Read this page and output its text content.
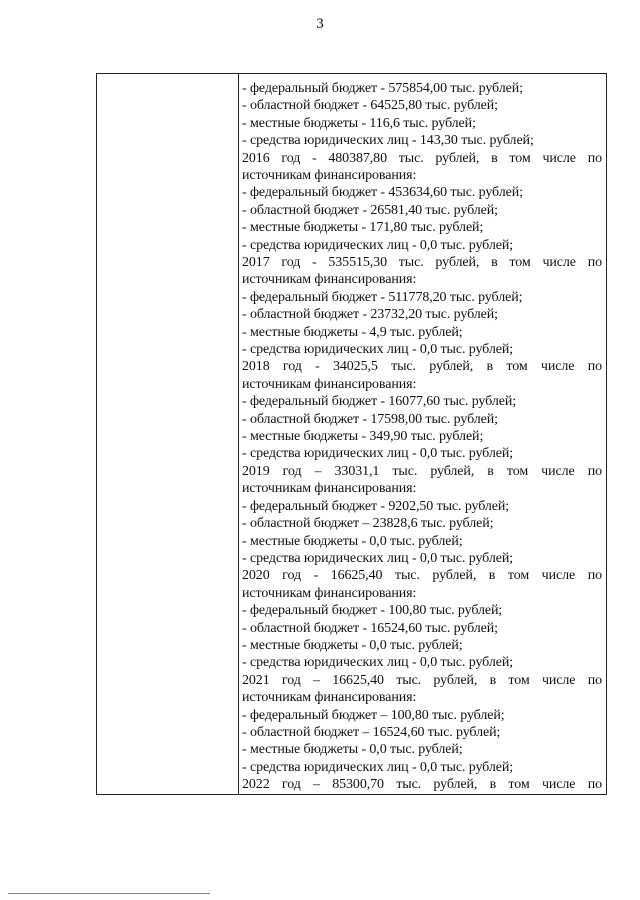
3
- федеральный бюджет - 575854,00 тыс. рублей;
- областной бюджет - 64525,80 тыс. рублей;
- местные бюджеты - 116,6 тыс. рублей;
- средства юридических лиц - 143,30 тыс. рублей;
2016 год - 480387,80 тыс. рублей, в том числе по
источникам финансирования:
- федеральный бюджет - 453634,60 тыс. рублей;
- областной бюджет - 26581,40 тыс. рублей;
- местные бюджеты - 171,80 тыс. рублей;
- средства юридических лиц - 0,0 тыс. рублей;
2017 год - 535515,30 тыс. рублей, в том числе по
источникам финансирования:
- федеральный бюджет - 511778,20 тыс. рублей;
- областной бюджет - 23732,20 тыс. рублей;
- местные бюджеты - 4,9 тыс. рублей;
- средства юридических лиц - 0,0 тыс. рублей;
2018 год - 34025,5 тыс. рублей, в том числе по
источникам финансирования:
- федеральный бюджет - 16077,60 тыс. рублей;
- областной бюджет - 17598,00 тыс. рублей;
- местные бюджеты - 349,90 тыс. рублей;
- средства юридических лиц - 0,0 тыс. рублей;
2019 год – 33031,1 тыс. рублей, в том числе по
источникам финансирования:
- федеральный бюджет - 9202,50 тыс. рублей;
- областной бюджет – 23828,6 тыс. рублей;
- местные бюджеты - 0,0 тыс. рублей;
- средства юридических лиц - 0,0 тыс. рублей;
2020 год - 16625,40 тыс. рублей, в том числе по
источникам финансирования:
- федеральный бюджет - 100,80 тыс. рублей;
- областной бюджет - 16524,60 тыс. рублей;
- местные бюджеты - 0,0 тыс. рублей;
- средства юридических лиц - 0,0 тыс. рублей;
2021 год – 16625,40 тыс. рублей, в том числе по
источникам финансирования:
- федеральный бюджет – 100,80 тыс. рублей;
- областной бюджет – 16524,60 тыс. рублей;
- местные бюджеты - 0,0 тыс. рублей;
- средства юридических лиц - 0,0 тыс. рублей;
2022 год – 85300,70 тыс. рублей, в том числе по
